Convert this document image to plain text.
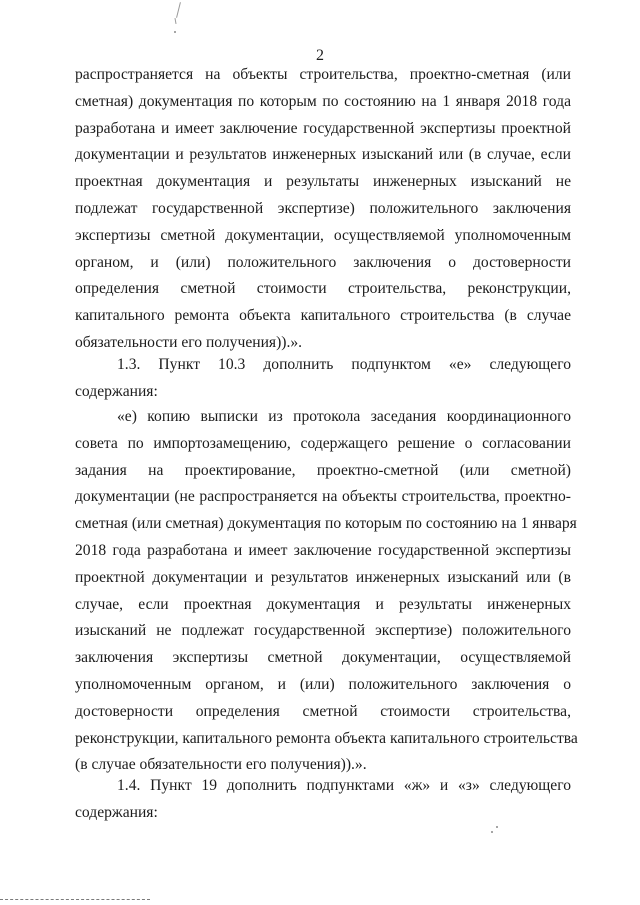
2
распространяется на объекты строительства, проектно-сметная (или
сметная) документация по которым по состоянию на 1 января 2018 года
разработана и имеет заключение государственной экспертизы проектной
документации и результатов инженерных изысканий или (в случае, если
проектная документация и результаты инженерных изысканий не
подлежат государственной экспертизе) положительного заключения
экспертизы сметной документации, осуществляемой уполномоченным
органом, и (или) положительного заключения о достоверности
определения сметной стоимости строительства, реконструкции,
капитального ремонта объекта капитального строительства (в случае
обязательности его получения)).».
1.3. Пункт 10.3 дополнить подпунктом «е» следующего
содержания:
«е) копию выписки из протокола заседания координационного
совета по импортозамещению, содержащего решение о согласовании
задания на проектирование, проектно-сметной (или сметной)
документации (не распространяется на объекты строительства, проектно-
сметная (или сметная) документация по которым по состоянию на 1 января
2018 года разработана и имеет заключение государственной экспертизы
проектной документации и результатов инженерных изысканий или (в
случае, если проектная документация и результаты инженерных
изысканий не подлежат государственной экспертизе) положительного
заключения экспертизы сметной документации, осуществляемой
уполномоченным органом, и (или) положительного заключения о
достоверности определения сметной стоимости строительства,
реконструкции, капитального ремонта объекта капитального строительства
(в случае обязательности его получения)).».
1.4. Пункт 19 дополнить подпунктами «ж» и «з» следующего
содержания:
